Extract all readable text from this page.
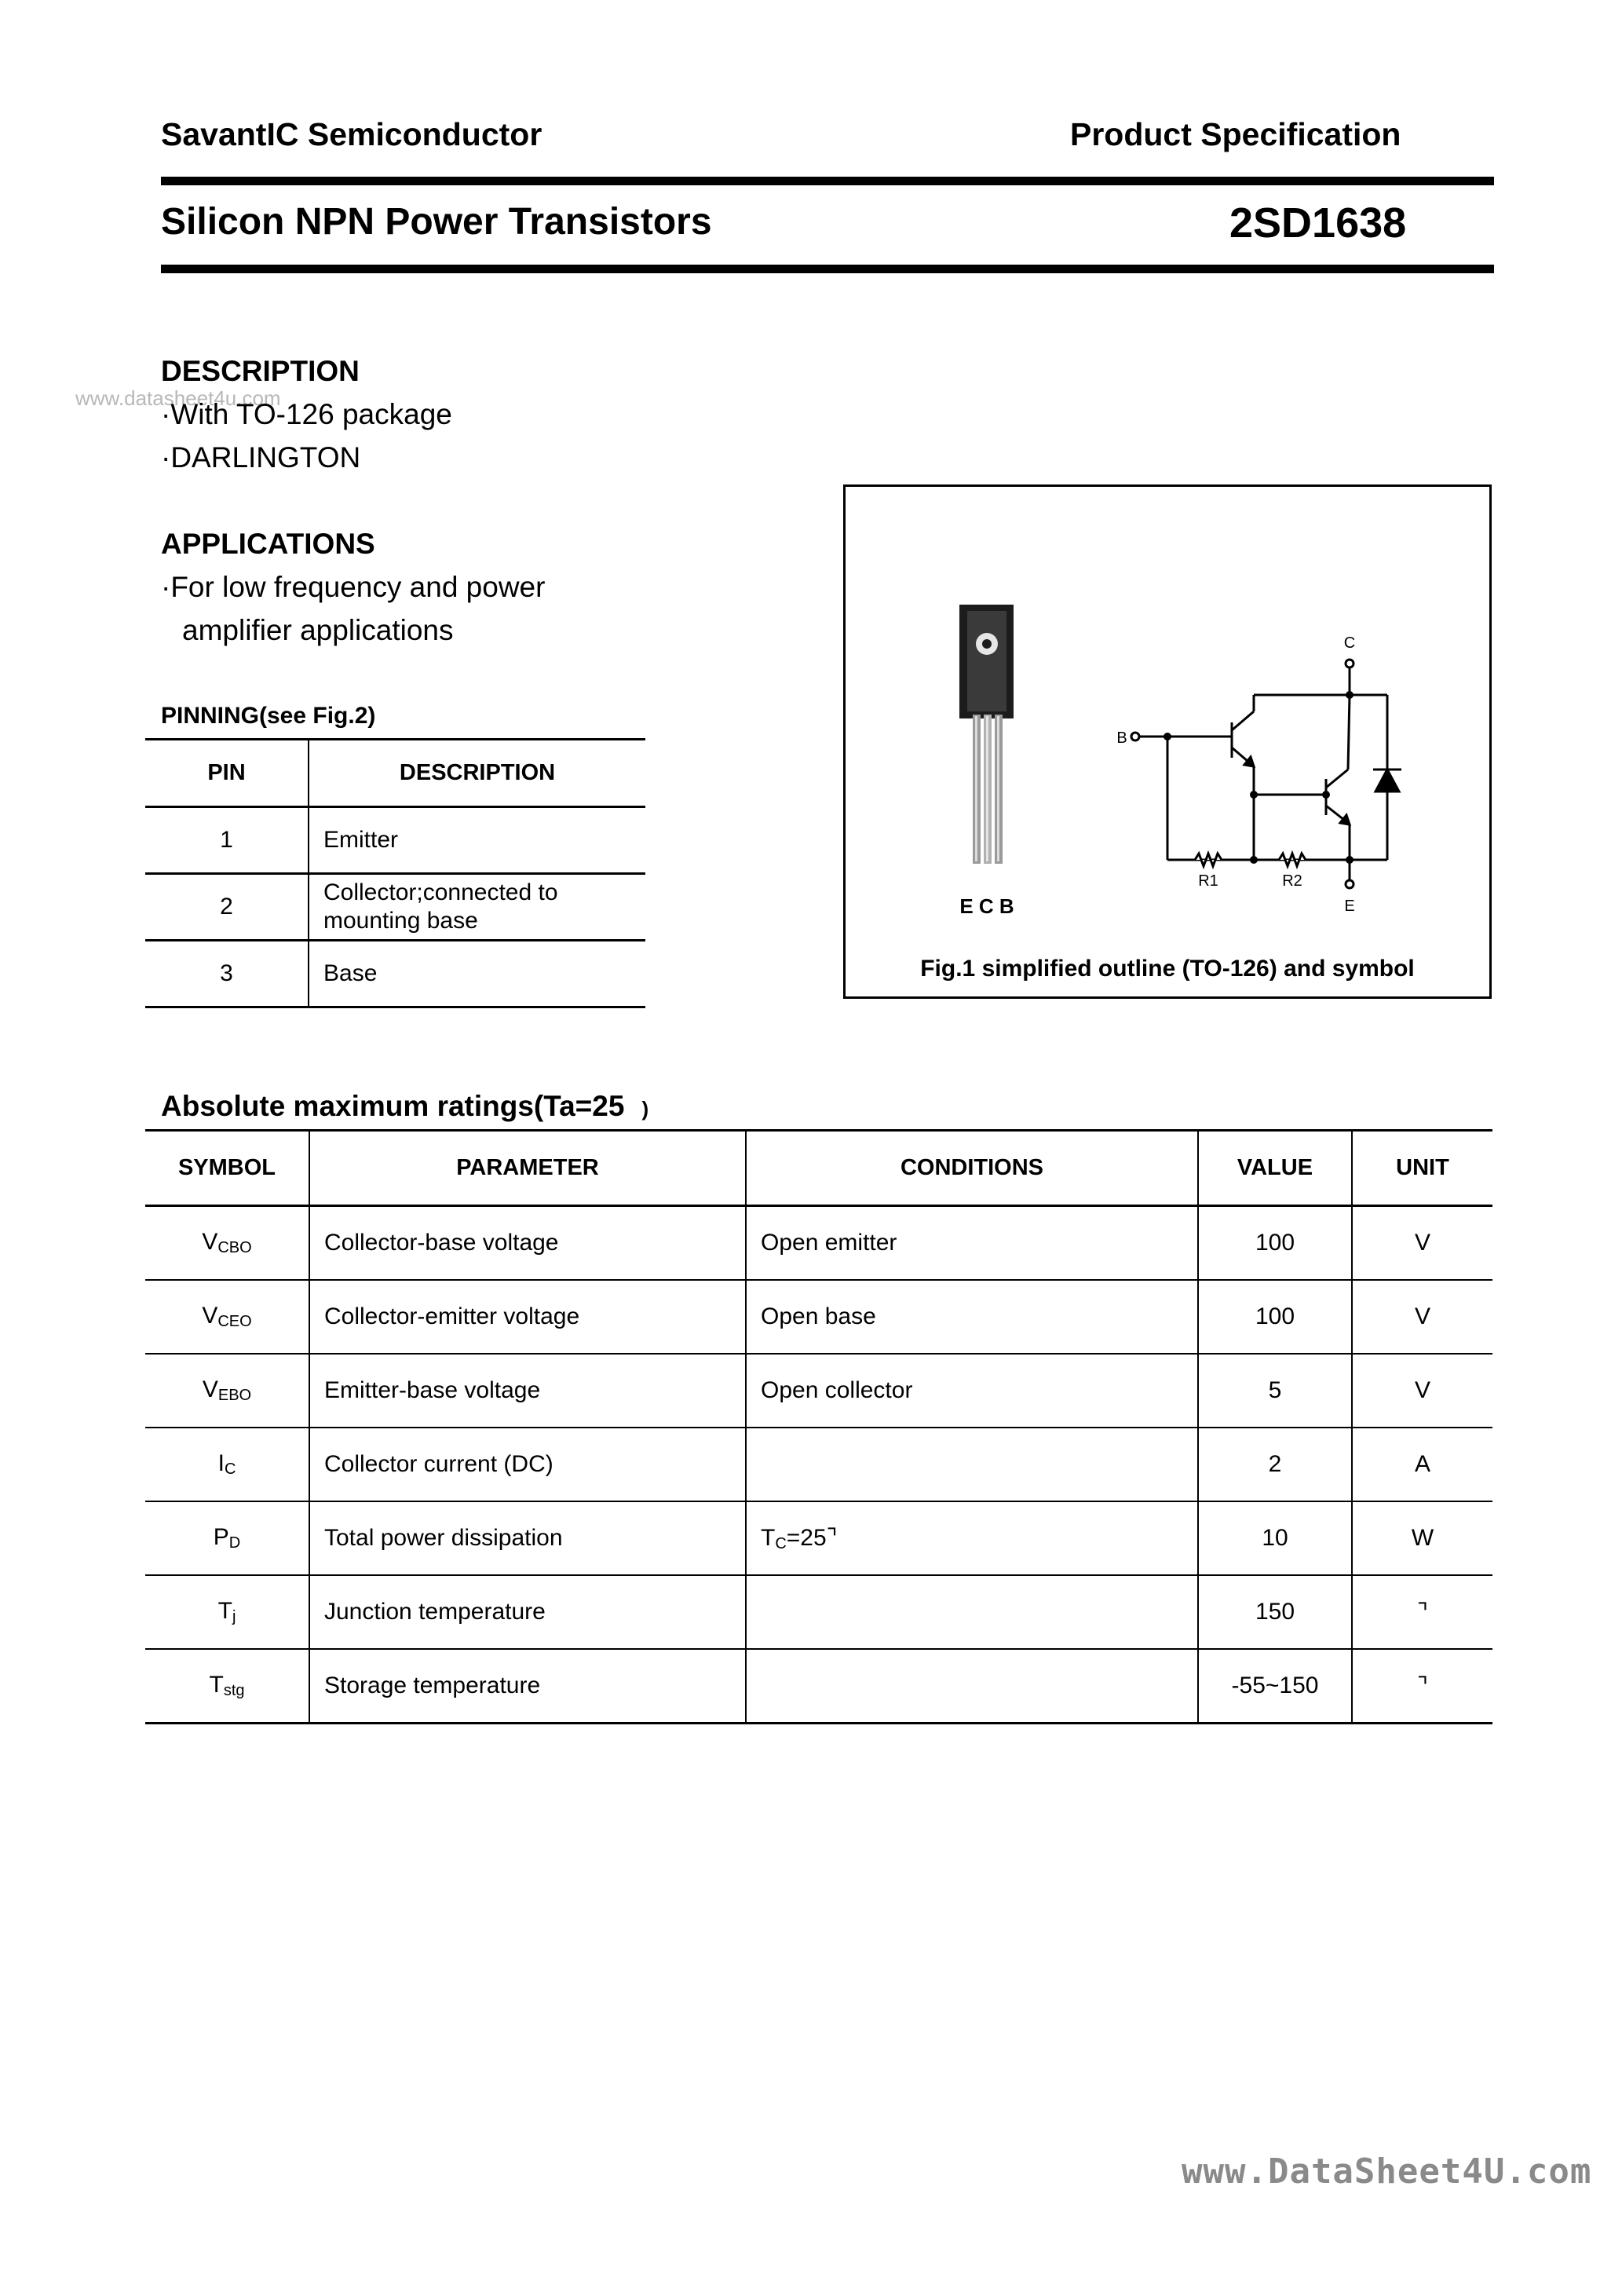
SavantIC Semiconductor	Product Specification
Silicon NPN Power Transistors	2SD1638
www.datasheet4u.com
DESCRIPTION
·With TO-126 package
·DARLINGTON
APPLICATIONS
·For low frequency and power
amplifier applications
PINNING(see Fig.2)
PIN	DESCRIPTION
1	Emitter
2	Collector;connected to
mounting base
3	Base
E C B
C
B
E
R1	R2
Fig.1 simplified outline (TO-126) and symbol
Absolute maximum ratings(Ta=25 )
SYMBOL	PARAMETER	CONDITIONS	VALUE	UNIT
$V_{CBO}$	Collector-base voltage	Open emitter	100	V
$V_{CEO}$	Collector-emitter voltage	Open base	100	V
$V_{EBO}$	Emitter-base voltage	Open collector	5	V
$I_C$	Collector current (DC)		2	A
$P_D$	Total power dissipation	$T_C=25⌝$	10	W
$T_j$	Junction temperature		150	⌝
$T_{stg}$	Storage temperature		-55~150	⌝
www.DataSheet4U.com
